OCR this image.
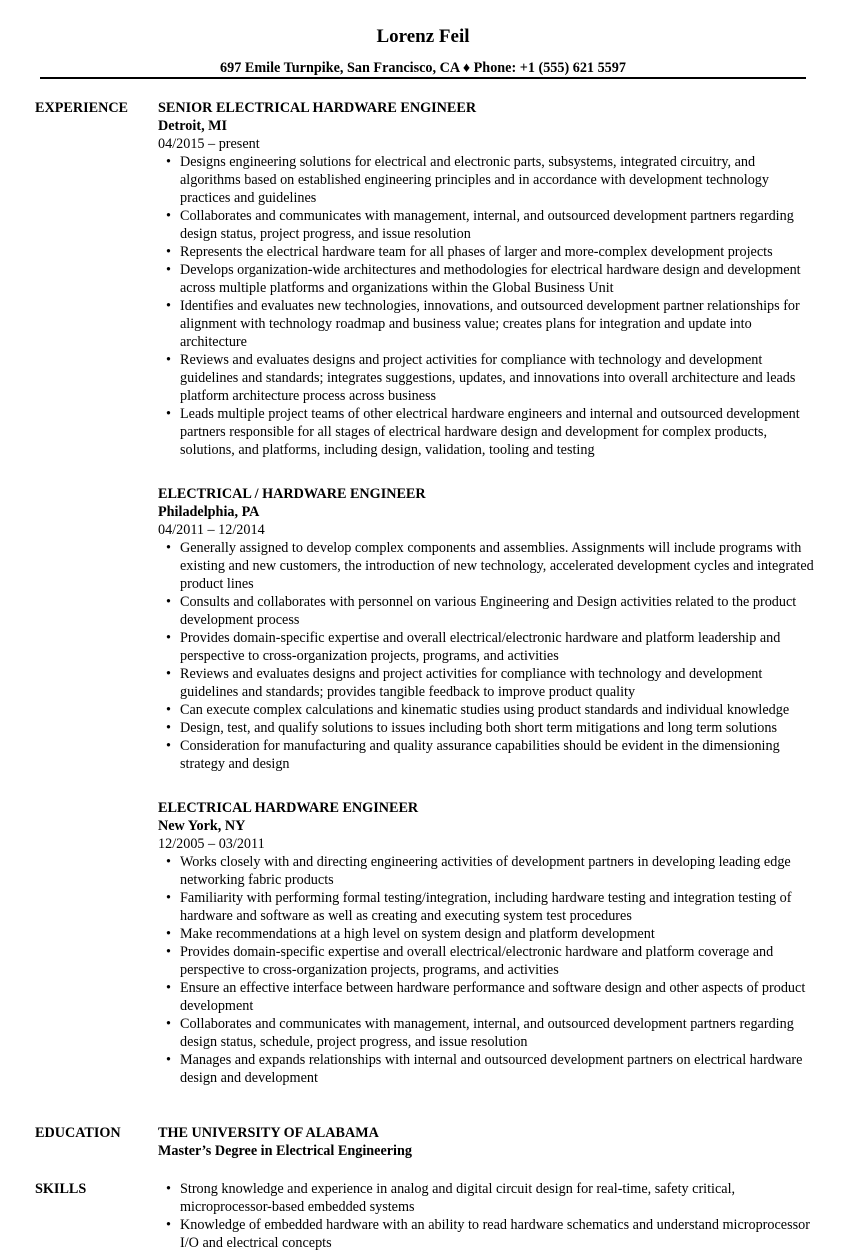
Lorenz Feil
697 Emile Turnpike, San Francisco, CA ♦ Phone: +1 (555) 621 5597
EXPERIENCE SENIOR ELECTRICAL HARDWARE ENGINEER
Detroit, MI
04/2015 – present
• Designs engineering solutions for electrical and electronic parts, subsystems, integrated circuitry, and algorithms based on established engineering principles and in accordance with development technology practices and guidelines
• Collaborates and communicates with management, internal, and outsourced development partners regarding design status, project progress, and issue resolution
• Represents the electrical hardware team for all phases of larger and more-complex development projects
• Develops organization-wide architectures and methodologies for electrical hardware design and development across multiple platforms and organizations within the Global Business Unit
• Identifies and evaluates new technologies, innovations, and outsourced development partner relationships for alignment with technology roadmap and business value; creates plans for integration and update into architecture
• Reviews and evaluates designs and project activities for compliance with technology and development guidelines and standards; integrates suggestions, updates, and innovations into overall architecture and leads platform architecture process across business
• Leads multiple project teams of other electrical hardware engineers and internal and outsourced development partners responsible for all stages of electrical hardware design and development for complex products, solutions, and platforms, including design, validation, tooling and testing
ELECTRICAL / HARDWARE ENGINEER
Philadelphia, PA
04/2011 – 12/2014
• Generally assigned to develop complex components and assemblies. Assignments will include programs with existing and new customers, the introduction of new technology, accelerated development cycles and integrated product lines
• Consults and collaborates with personnel on various Engineering and Design activities related to the product development process
• Provides domain-specific expertise and overall electrical/electronic hardware and platform leadership and perspective to cross-organization projects, programs, and activities
• Reviews and evaluates designs and project activities for compliance with technology and development guidelines and standards; provides tangible feedback to improve product quality
• Can execute complex calculations and kinematic studies using product standards and individual knowledge
• Design, test, and qualify solutions to issues including both short term mitigations and long term solutions
• Consideration for manufacturing and quality assurance capabilities should be evident in the dimensioning strategy and design
ELECTRICAL HARDWARE ENGINEER
New York, NY
12/2005 – 03/2011
• Works closely with and directing engineering activities of development partners in developing leading edge networking fabric products
• Familiarity with performing formal testing/integration, including hardware testing and integration testing of hardware and software as well as creating and executing system test procedures
• Make recommendations at a high level on system design and platform development
• Provides domain-specific expertise and overall electrical/electronic hardware and platform coverage and perspective to cross-organization projects, programs, and activities
• Ensure an effective interface between hardware performance and software design and other aspects of product development
• Collaborates and communicates with management, internal, and outsourced development partners regarding design status, schedule, project progress, and issue resolution
• Manages and expands relationships with internal and outsourced development partners on electrical hardware design and development
EDUCATION	THE UNIVERSITY OF ALABAMA
Master’s Degree in Electrical Engineering
SKILLS
•	Strong knowledge and experience in analog and digital circuit design for real-time, safety critical, microprocessor-based embedded systems
• Knowledge of embedded hardware with an ability to read hardware schematics and understand microprocessor I/O and electrical concepts
